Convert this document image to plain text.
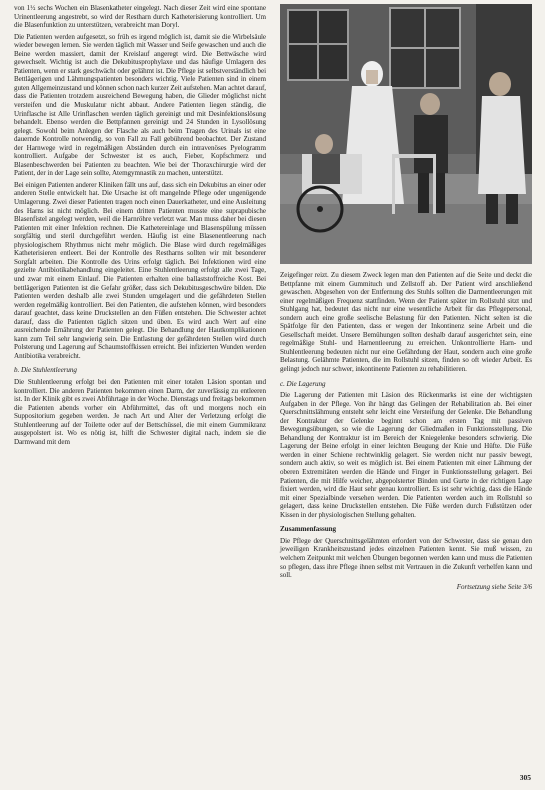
von 1½ sechs Wochen ein Blasenkatheter eingelegt. Nach dieser Zeit wird eine spontane Urinentleerung angestrebt, so wird der Restharn durch Katheterisierung kontrolliert. Um die Blasenfunktion zu unterstützen, verabreicht man Doryl.

Die Patienten werden aufgesetzt, so früh es irgend möglich ist, damit sie die Wirbelsäule wieder bewegen lernen. Sie werden täglich mit Wasser und Seife gewaschen und auch die Beine werden massiert, damit der Kreislauf angeregt wird. Die Bettwäsche wird gewechselt. Wichtig ist auch die Dekubitusprophylaxe und das häufige Umlagern des Patienten, wenn er stark geschwächt oder gelähmt ist. Die Pflege ist selbstverständlich bei Bettlägerigen und Lähmungspatienten besonders wichtig. Viele Patienten sind in einem guten Allgemeinzustand und können schon nach kurzer Zeit aufstehen. Man achtet darauf, dass die Patienten trotzdem ausreichend Bewegung haben, die Glieder möglichst nicht versteifen und die Muskulatur nicht abbaut. Andere Patienten liegen ständig, die Urinflasche ist Alle Urinflaschen werden täglich gereinigt und mit Desinfektionslösung behandelt. Ebenso werden die Bettpfannen gereinigt und 24 Stunden in Lysollösung gelegt. Sowohl beim Anlegen der Flasche als auch beim Tragen des Urinals ist eine dauernde Kontrolle notwendig, so von Fall zu Fall gebührend beobachtet. Der Zustand der Harnwege wird in regelmäßigen Abständen durch ein intravenöses Pyelogramm kontrolliert. Aufgabe der Schwester ist es auch, Fieber, Kopfschmerz und Blasenbeschwerden bei Patienten zu beachten. Wie bei der Thoraxchirurgie wird der Patient, der in der Lage sein sollte, Atemgymnastik zu machen, unterstützt.

Bei einigen Patienten anderer Kliniken fällt uns auf, dass sich ein Dekubitus an einer oder anderen Stelle entwickelt hat. Die Ursache ist oft mangelnde Pflege oder ungenügende Umlagerung. Zwei dieser Patienten tragen noch einen Dauerkatheter, und eine Ausleitung des Harns ist nicht möglich. Bei einem dritten Patienten musste eine suprapubische Blasenfistel angelegt werden, weil die Harnröhre verletzt war. Man muss daher bei diesen Patienten mit einer Infektion rechnen. Die Kathetereinlage und Blasenspülung müssen sorgfältig und steril durchgeführt werden. Häufig ist eine Blasenentleerung nach physiologischem Rhythmus nicht mehr möglich. Die Blase wird durch regelmäßiges Katheterisieren entleert. Bei der Kontrolle des Restharns sollten wir mit besonderer Sorgfalt arbeiten. Die Kontrolle des Urins erfolgt täglich. Bei Infektionen wird eine gezielte Antibiotikabehandlung eingeleitet. Eine Stuhlentleerung erfolgt alle zwei Tage, und zwar mit einem Einlauf. Die Patienten erhalten eine ballaststoffreiche Kost. Bei bettlägerigen Patienten ist die Gefahr größer, dass sich Dekubitusgeschwüre bilden. Die Patienten werden deshalb alle zwei Stunden umgelagert und die gefährdeten Stellen werden regelmäßig kontrolliert. Bei den Patienten, die aufstehen können, wird besonders darauf geachtet, dass keine Druckstellen an den Füßen entstehen. Die Schwester achtet darauf, dass die Patienten täglich sitzen und üben. Es wird auch Wert auf eine ausreichende Ernährung der Patienten gelegt. Die Behandlung der Hautkomplikationen kann zum Teil sehr langwierig sein. Die Entlastung der gefährdeten Stellen wird durch Polsterung und Lagerung auf Schaumstoffkissen erreicht. Bei infizierten Wunden werden Antibiotika verabreicht.

b. Die Stuhlentleerung

Die Stuhlentleerung erfolgt bei den Patienten mit einer totalen Läsion spontan und kontrolliert. Die anderen Patienten bekommen einen Darm, der zuverlässig zu entleeren ist. In der Klinik gibt es zwei Abführtage in der Woche. Dienstags und freitags bekommen die Patienten abends vorher ein Abführmittel, das oft und morgens noch ein Suppositorium gegeben werden. Je nach Art und Alter der Verletzung erfolgt die Stuhlentleerung auf der Toilette oder auf der Bettschüssel, die mit einem Gummikranz ausgepolstert ist. Wo es nötig ist, hilft die Schwester digital nach, indem sie die Darmwand mit dem

Zeigefinger reizt. Zu diesem Zweck legen man den Patienten auf die Seite und deckt die Bettpfanne mit einem Gummituch und Zellstoff ab. Der Patient wird anschließend gewaschen. Abgesehen von der Entfernung des Stuhls sollten die Darmentleerungen mit einer regelmäßigen Frequenz stattfinden. Wenn der Patient später im Rollstuhl sitzt und Stuhlgang hat, bedeutet das nicht nur eine wesentliche Arbeit für das Pflegepersonal, sondern auch eine große seelische Belastung für den Patienten. Nicht selten ist die Spätfolge für den Patienten, dass er wegen der Inkontinenz seine Arbeit und die Gesellschaft meidet. Unsere Bemühungen sollten deshalb darauf ausgerichtet sein, eine regelmäßige Stuhl- und Harnentleerung zu erreichen. Unkontrollierte Harn- und Stuhlentleerung bedeuten nicht nur eine Gefährdung der Haut, sondern auch eine große Belastung. Gelähmte Patienten, die im Rollstuhl sitzen, finden so oft wieder Arbeit. Es gelingt jedoch nur schwer, inkontinente Patienten zu rehabilitieren.

c. Die Lagerung

Die Lagerung der Patienten mit Läsion des Rückenmarks ist eine der wichtigsten Aufgaben in der Pflege. Von ihr hängt das Gelingen der Rehabilitation ab. Bei einer Querschnittslähmung entsteht sehr leicht eine Versteifung der Gelenke. Die Behandlung der Kontraktur der Gelenke beginnt schon am ersten Tag mit passiven Bewegungsübungen, so wie die Lagerung der Gliedmaßen in Funktionsstellung. Die Behandlung der Kontraktur ist im Bereich der Kniegelenke besonders schwierig. Die Lagerung der Beine erfolgt in einer leichten Beugung der Knie und Hüfte. Die Füße werden in einer Schiene rechtwinklig gelagert. Sie werden nicht nur passiv bewegt, sondern auch aktiv, so weit es möglich ist. Bei einem Patienten mit einer Lähmung der oberen Extremitäten werden die Hände und Finger in Funktionsstellung gelagert. Bei Patienten, die mit Hilfe weicher, abgepolsterter Binden und Gurte in der richtigen Lage fixiert werden, wird die Haut sehr genau kontrolliert. Es ist sehr wichtig, dass die Hände mit einer Spezialbinde versehen werden. Die Patienten werden auch im Rollstuhl so gelagert, dass keine Druckstellen entstehen. Die Füße werden durch Fußstützen oder Kissen in der physiologischen Stellung gehalten.

Zusammenfassung

Die Pflege der Querschnittsgelähmten erfordert von der Schwester, dass sie genau den jeweiligen Krankheitszustand jedes einzelnen Patienten kennt. Sie muß wissen, zu welchem Zeitpunkt mit welchen Übungen begonnen werden kann und muss die Patienten so pflegen, dass ihre Pflege ihnen selbst mit Vertrauen in die Zukunft verhelfen kann und soll.

Fortsetzung siehe Seite 3/6
305
